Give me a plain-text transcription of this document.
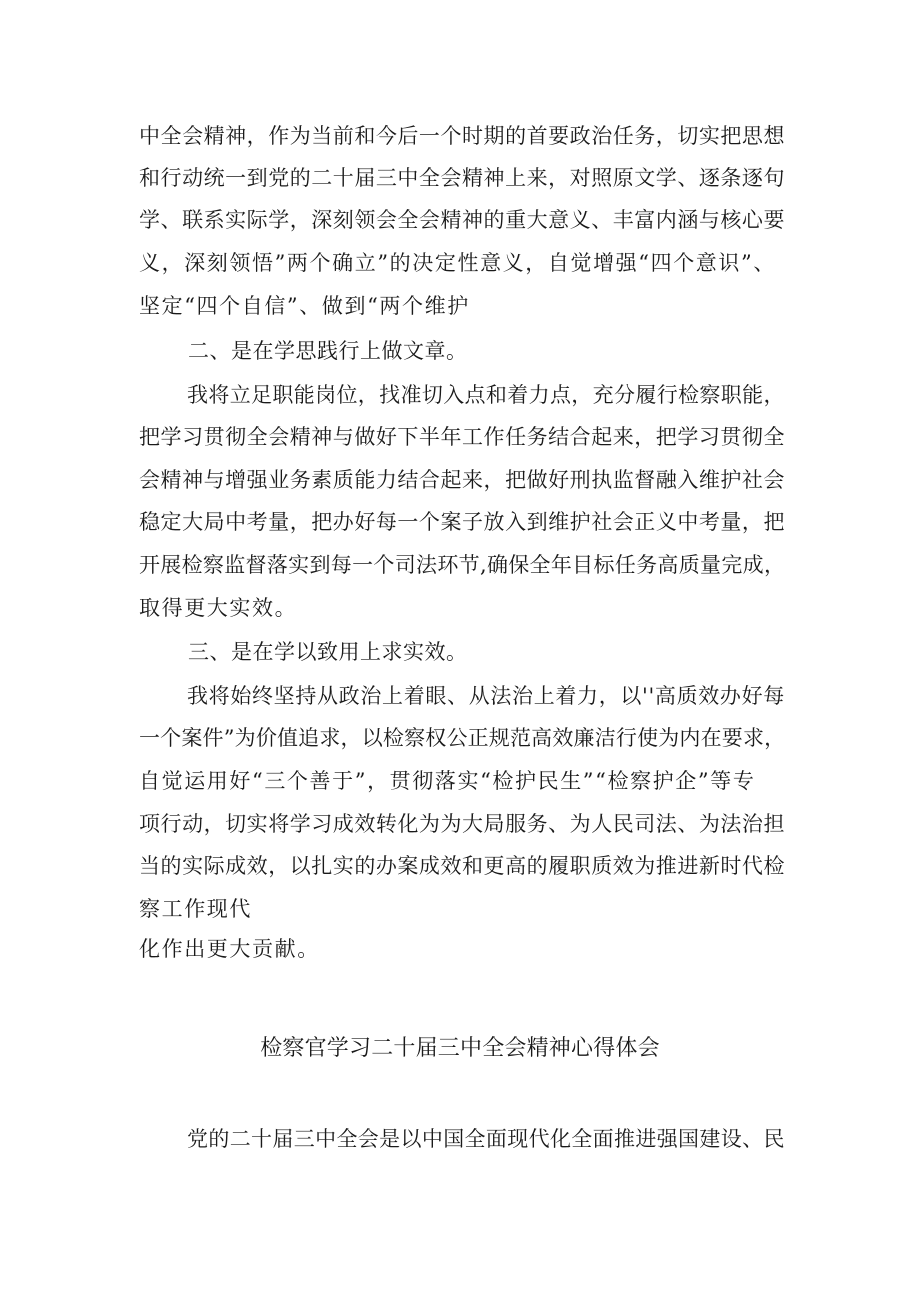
中全会精神，作为当前和今后一个时期的首要政治任务，切实把思想
和行动统一到党的二十届三中全会精神上来，对照原文学、逐条逐句
学、联系实际学，深刻领会全会精神的重大意义、丰富内涵与核心要
义，深刻领悟”两个确立”的决定性意义，自觉增强“四个意识”、
坚定“四个自信”、做到“两个维护
二、是在学思践行上做文章。
我将立足职能岗位，找准切入点和着力点，充分履行检察职能，
把学习贯彻全会精神与做好下半年工作任务结合起来，把学习贯彻全
会精神与增强业务素质能力结合起来，把做好刑执监督融入维护社会
稳定大局中考量，把办好每一个案子放入到维护社会正义中考量，把
开展检察监督落实到每一个司法环节,确保全年目标任务高质量完成，
取得更大实效。
三、是在学以致用上求实效。
我将始终坚持从政治上着眼、从法治上着力，以''高质效办好每
一个案件”为价值追求，以检察权公正规范高效廉洁行使为内在要求，
自觉运用好“三个善于”，贯彻落实“检护民生”“检察护企”等专
项行动，切实将学习成效转化为为大局服务、为人民司法、为法治担
当的实际成效，以扎实的办案成效和更高的履职质效为推进新时代检
察工作现代
化作出更大贡献。
检察官学习二十届三中全会精神心得体会
党的二十届三中全会是以中国全面现代化全面推进强国建设、民
